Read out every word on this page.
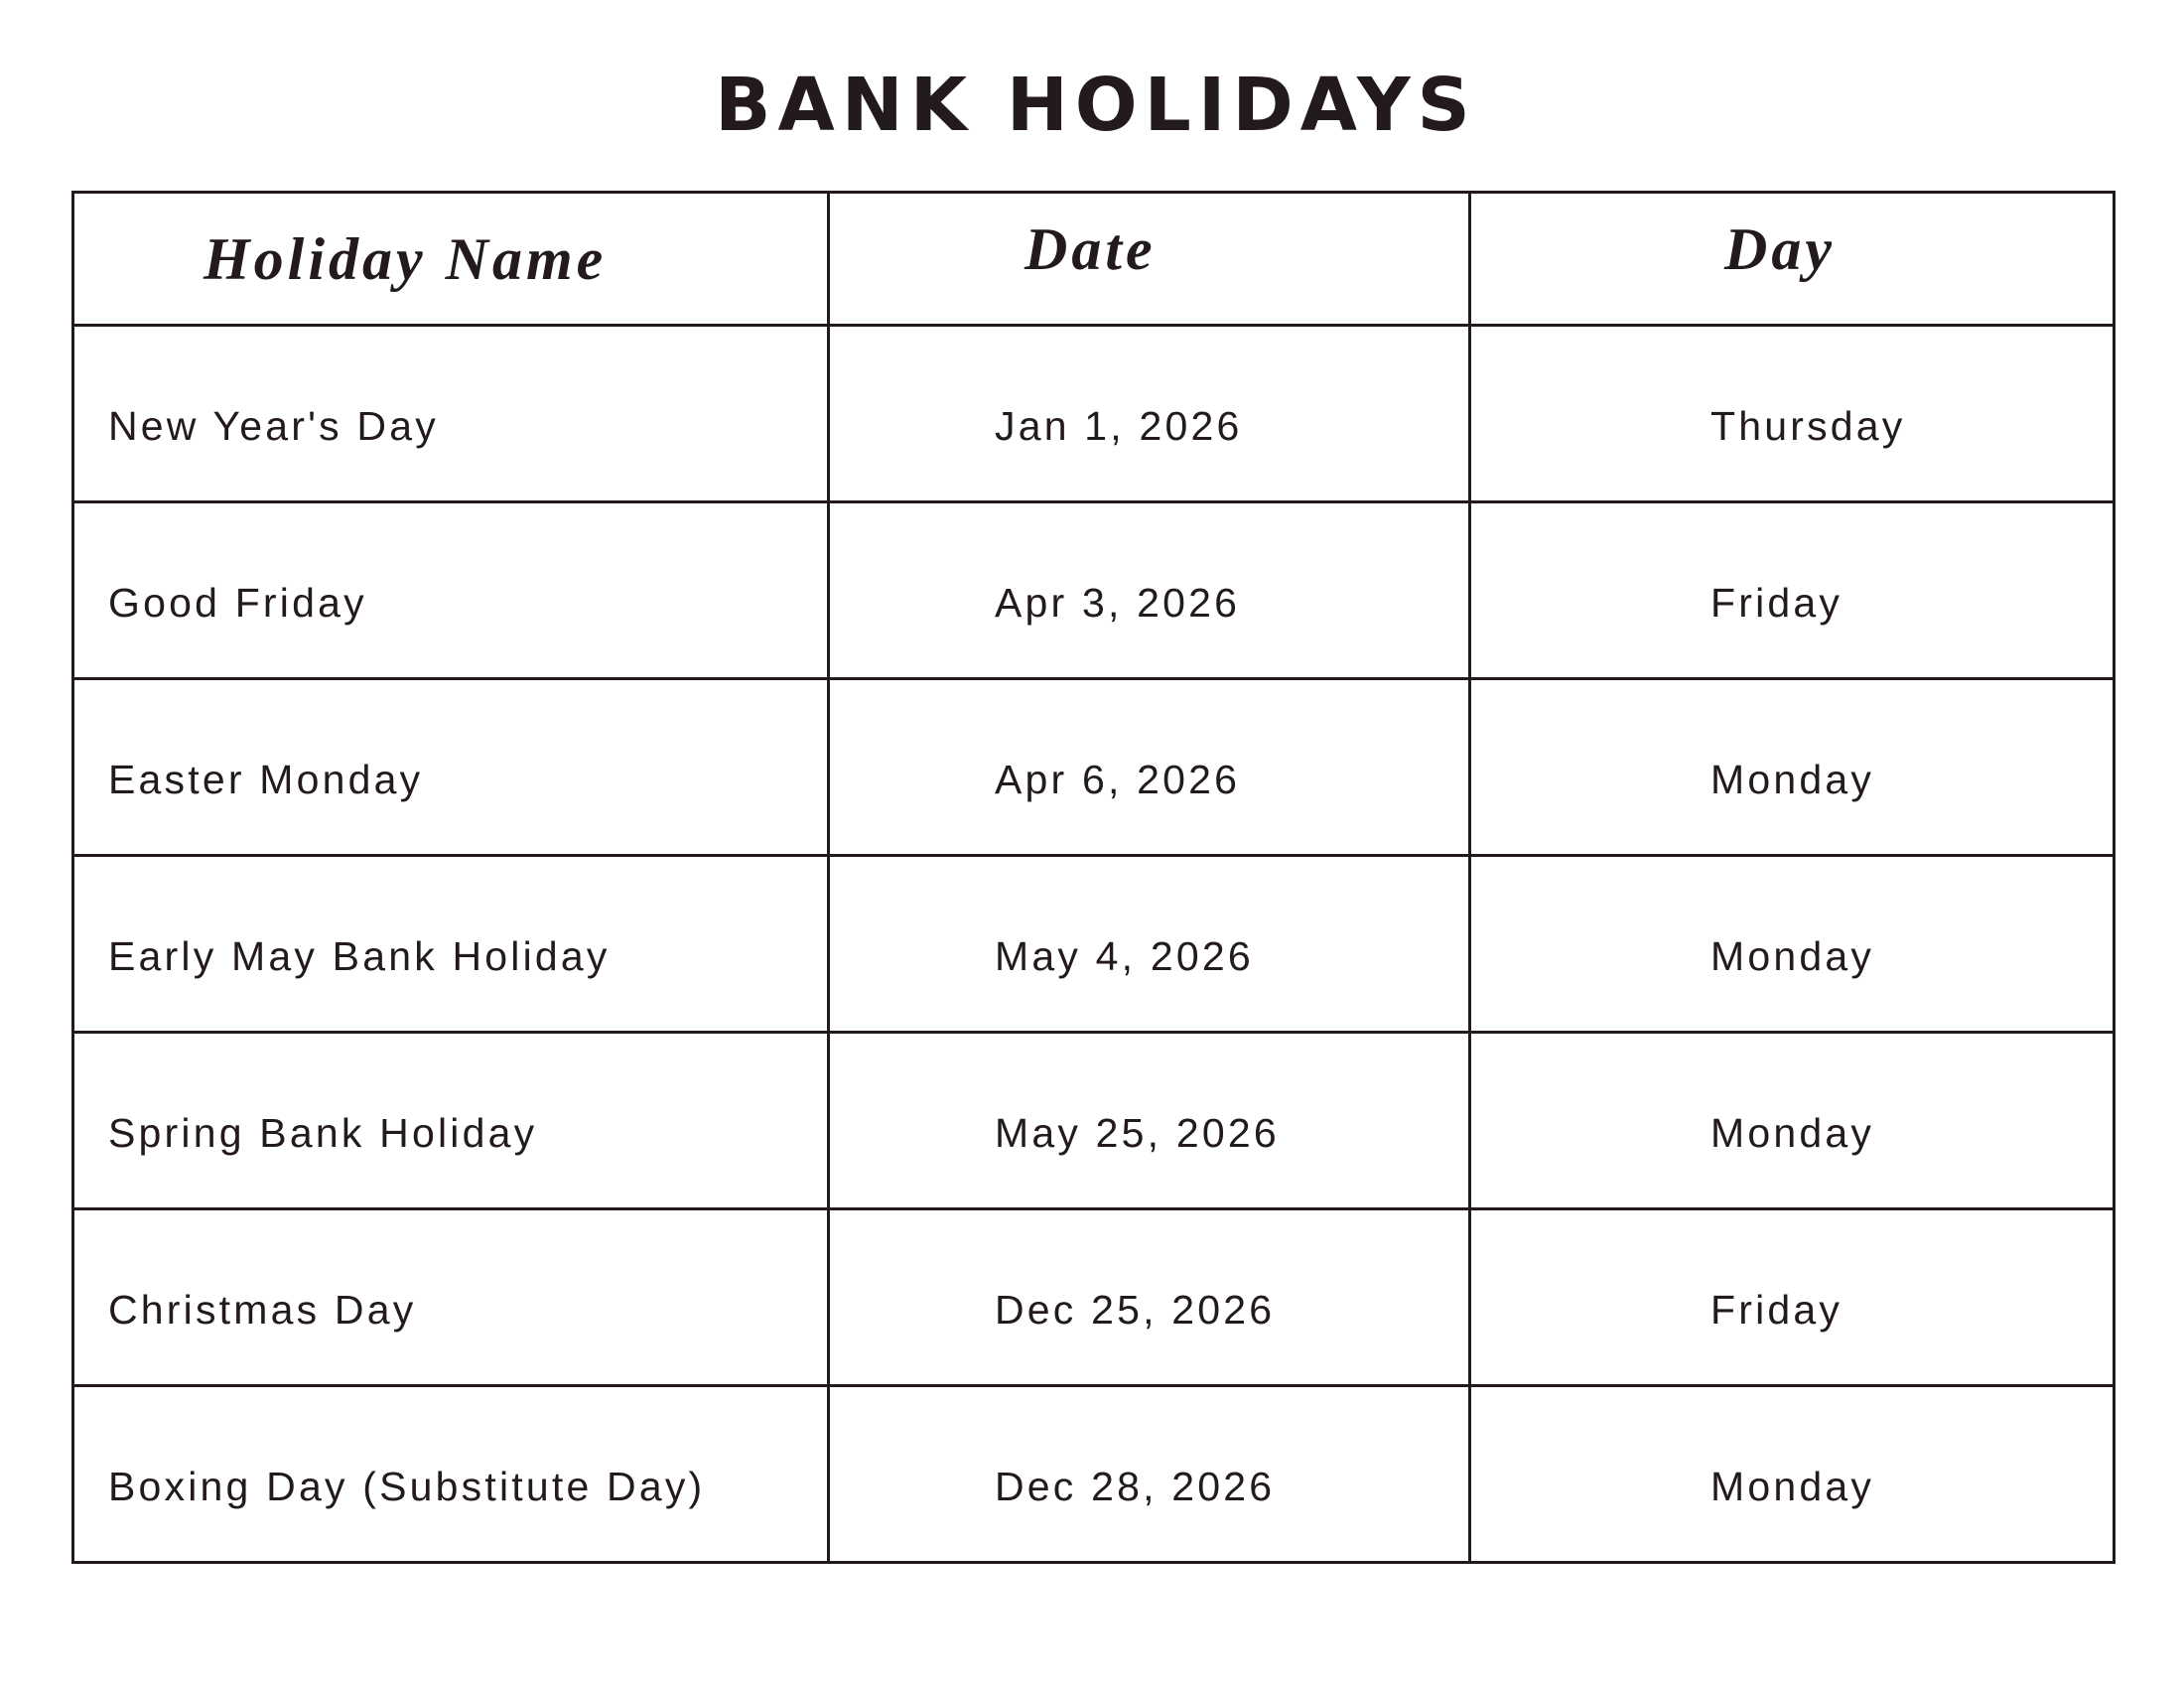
BANK HOLIDAYS
Holiday Name	Date	Day

New Year's Day	Jan 1, 2026	Thursday

Good Friday	Apr 3, 2026	Friday

Easter Monday	Apr 6, 2026	Monday

Early May Bank Holiday	May 4, 2026	Monday

Spring Bank Holiday	May 25, 2026	Monday

Christmas Day	Dec 25, 2026	Friday

Boxing Day (Substitute Day)	Dec 28, 2026	Monday
